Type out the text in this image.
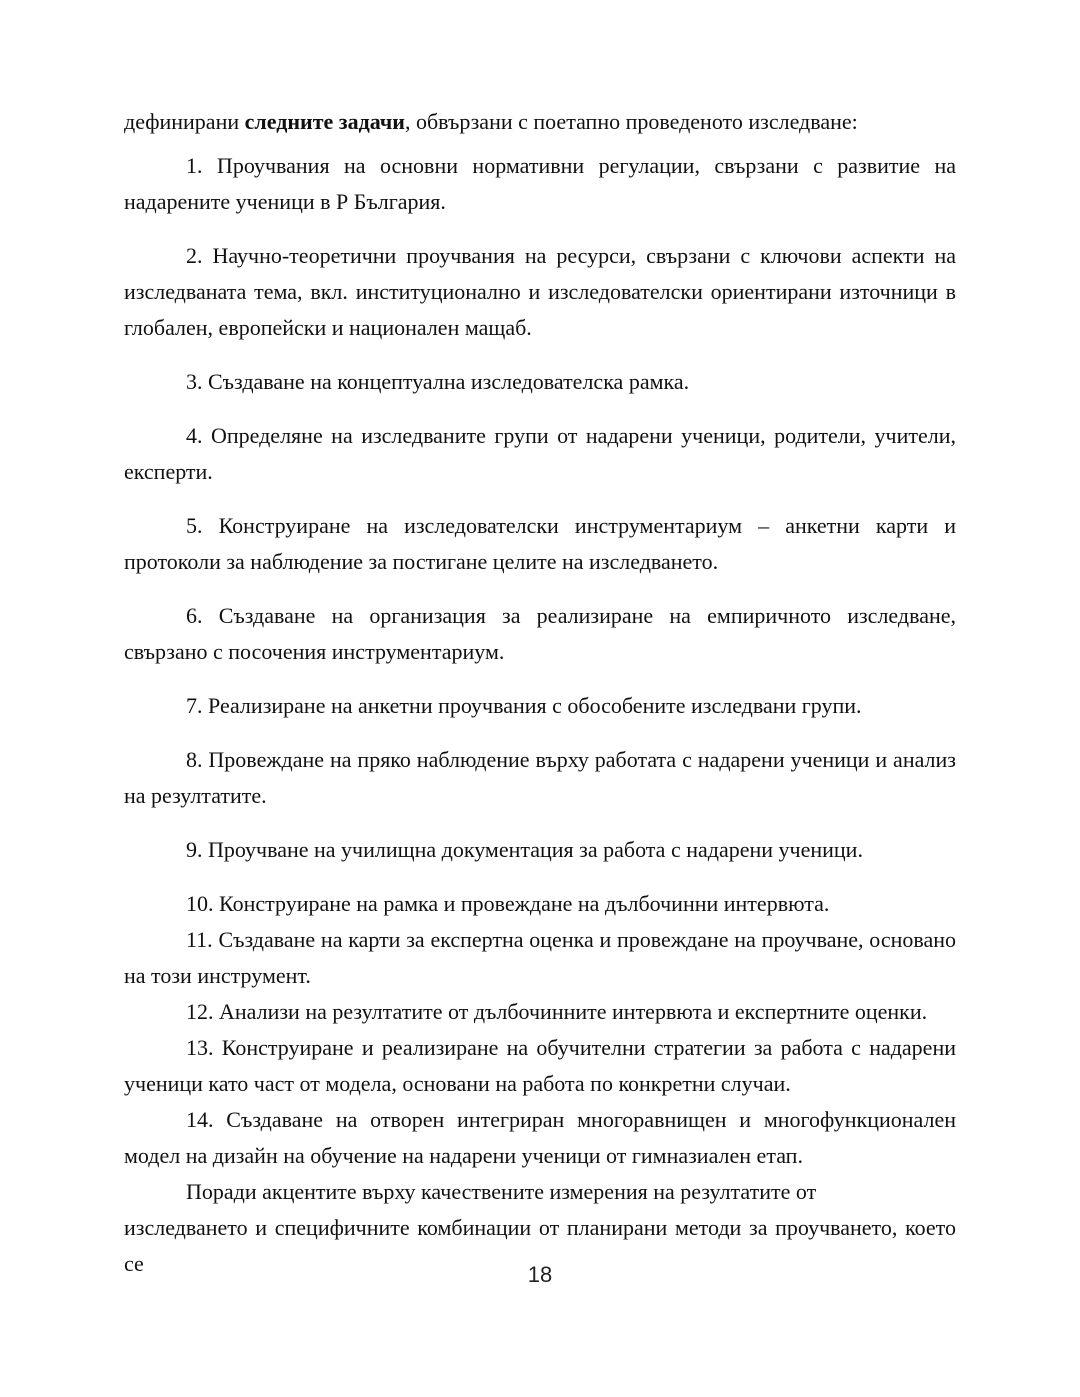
дефинирани следните задачи, обвързани с поетапно проведеното изследване:

1. Проучвания на основни нормативни регулации, свързани с развитие на надарените ученици в Р България.

2. Научно-теоретични проучвания на ресурси, свързани с ключови аспекти на изследваната тема, вкл. институционално и изследователски ориентирани източници в глобален, европейски и национален мащаб.

3. Създаване на концептуална изследователска рамка.

4. Определяне на изследваните групи от надарени ученици, родители, учители, експерти.

5. Конструиране на изследователски инструментариум – анкетни карти и протоколи за наблюдение за постигане целите на изследването.

6. Създаване на организация за реализиране на емпиричното изследване, свързано с посочения инструментариум.

7. Реализиране на анкетни проучвания с обособените изследвани групи.

8. Провеждане на пряко наблюдение върху работата с надарени ученици и анализ на резултатите.

9. Проучване на училищна документация за работа с надарени ученици.

10. Конструиране на рамка и провеждане на дълбочинни интервюта.

11. Създаване на карти за експертна оценка и провеждане на проучване, основано на този инструмент.

12. Анализи на резултатите от дълбочинните интервюта и експертните оценки.

13. Конструиране и реализиране на обучителни стратегии за работа с надарени ученици като част от модела, основани на работа по конкретни случаи.

14. Създаване на отворен интегриран многоравнищен и многофункционален модел на дизайн на обучение на надарени ученици от гимназиален етап.

Поради акцентите върху качествените измерения на резултатите от

изследването и специфичните комбинации от планирани методи за проучването, което се	18
